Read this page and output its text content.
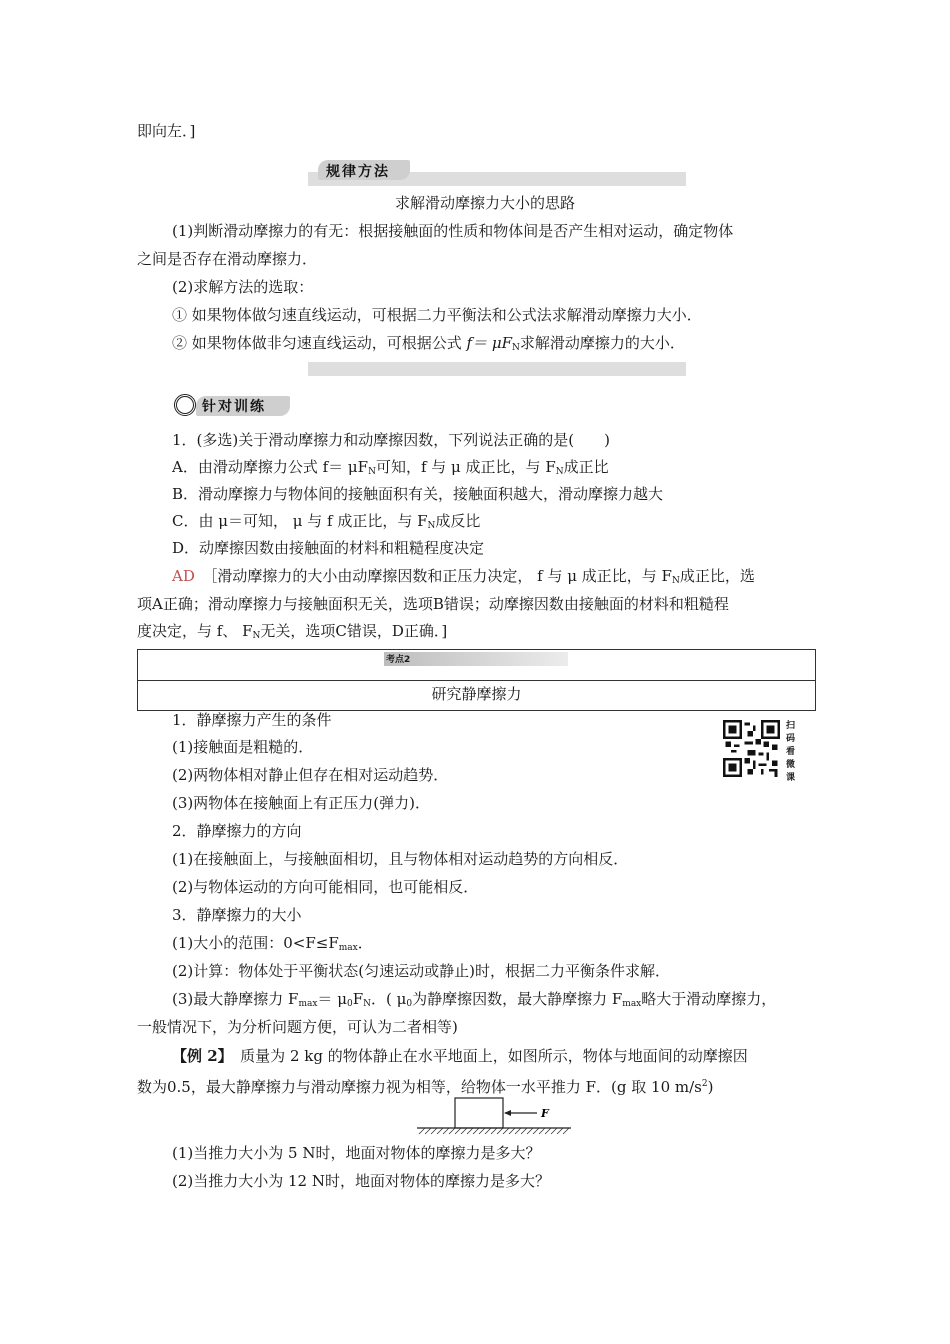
即向左．]
规律方法
求解滑动摩擦力大小的思路
(1)判断滑动摩擦力的有无：根据接触面的性质和物体间是否产生相对运动，确定物体
之间是否存在滑动摩擦力．
(2)求解方法的选取：
① 如果物体做匀速直线运动，可根据二力平衡法和公式法求解滑动摩擦力大小．
② 如果物体做非匀速直线运动，可根据公式 $f= \mu F_N$求解滑动摩擦力的大小．
针对训练
1．(多选)关于滑动摩擦力和动摩擦因数，下列说法正确的是(　　)
A．由滑动摩擦力公式 $f= \mu F_N$可知，f 与 μ 成正比，与 $F_N$成正比
B．滑动摩擦力与物体间的接触面积有关，接触面积越大，滑动摩擦力越大
C．由 μ＝可知， μ 与 f 成正比，与 $F_N$成反比
D．动摩擦因数由接触面的材料和粗糙程度决定
AD　 ［滑动摩擦力的大小由动摩擦因数和正压力决定， f 与 μ 成正比，与 $F_N$成正比，选
项A正确；滑动摩擦力与接触面积无关，选项B错误；动摩擦因数由接触面的材料和粗糙程
度决定，与 f、 $F_N$无关，选项C错误，D正确．]
考点2
研究静摩擦力
1．静摩擦力产生的条件
(1)接触面是粗糙的．
(2)两物体相对静止但存在相对运动趋势．
(3)两物体在接触面上有正压力(弹力)．
2．静摩擦力的方向
(1)在接触面上，与接触面相切，且与物体相对运动趋势的方向相反．
(2)与物体运动的方向可能相同，也可能相反．
3．静摩擦力的大小
(1)大小的范围：$0<F\le F_{max}$．
(2)计算：物体处于平衡状态(匀速运动或静止)时，根据二力平衡条件求解．
(3)最大静摩擦力 $F_{max}= \mu_0F_N$．( $\mu_0$为静摩擦因数，最大静摩擦力 $F_{max}$略大于滑动摩擦力，
一般情况下，为分析问题方便，可认为二者相等)
扫码看微课
【例 2】　质量为 2 kg 的物体静止在水平地面上，如图所示，物体与地面间的动摩擦因
数为0.5，最大静摩擦力与滑动摩擦力视为相等，给物体一水平推力 F．(g 取 10 $m/s^2$)
F
(1)当推力大小为 5 N时，地面对物体的摩擦力是多大？
(2)当推力大小为 12 N时，地面对物体的摩擦力是多大？
